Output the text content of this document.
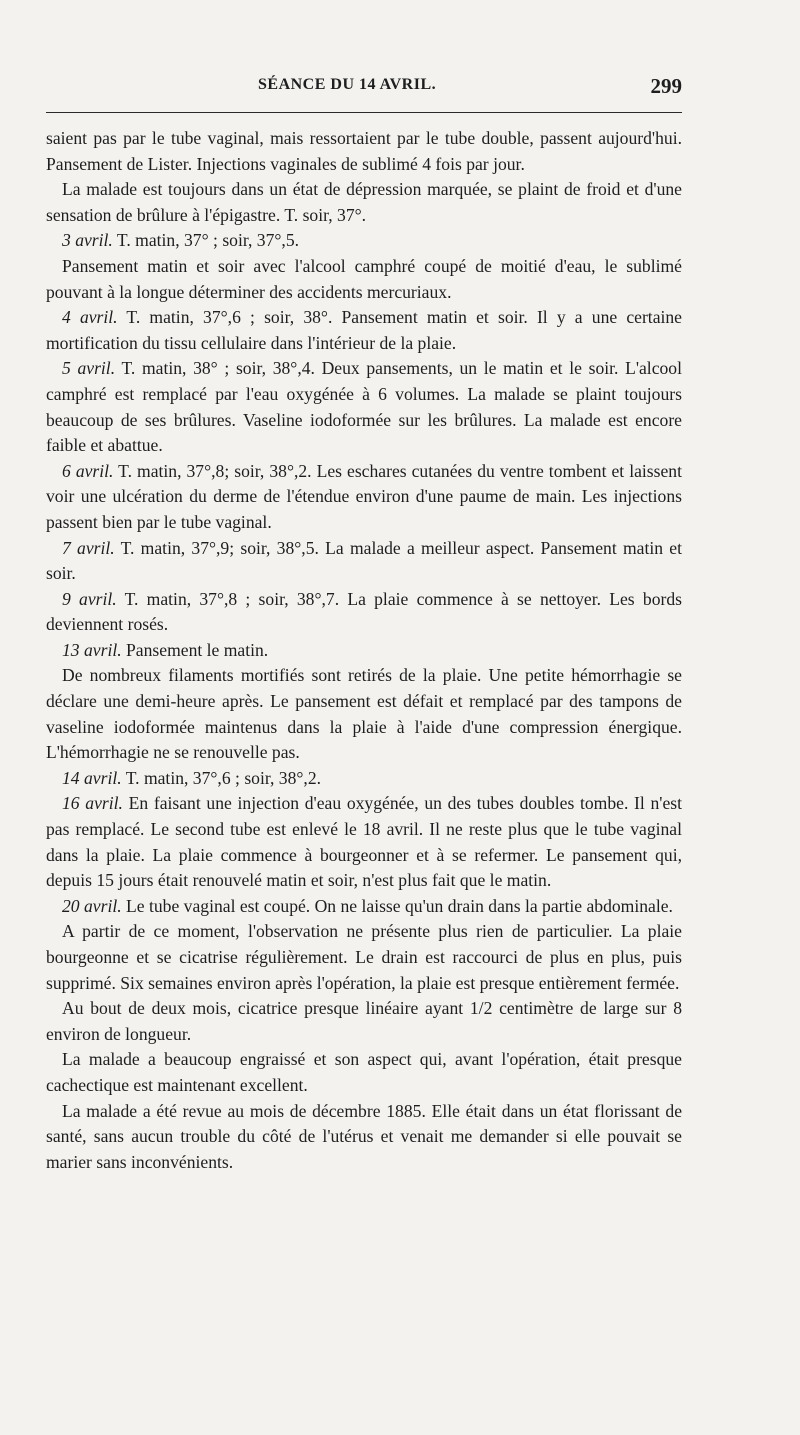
SÉANCE DU 14 AVRIL.	299

saient pas par le tube vaginal, mais ressortaient par le tube double, passent aujourd'hui. Pansement de Lister. Injections vaginales de sublimé 4 fois par jour.

La malade est toujours dans un état de dépression marquée, se plaint de froid et d'une sensation de brûlure à l'épigastre. T. soir, 37°.

3 avril. T. matin, 37° ; soir, 37°,5.

Pansement matin et soir avec l'alcool camphré coupé de moitié d'eau, le sublimé pouvant à la longue déterminer des accidents mercuriaux.

4 avril. T. matin, 37°,6 ; soir, 38°. Pansement matin et soir. Il y a une certaine mortification du tissu cellulaire dans l'intérieur de la plaie.

5 avril. T. matin, 38° ; soir, 38°,4. Deux pansements, un le matin et le soir. L'alcool camphré est remplacé par l'eau oxygénée à 6 volumes. La malade se plaint toujours beaucoup de ses brûlures. Vaseline iodoformée sur les brûlures. La malade est encore faible et abattue.

6 avril. T. matin, 37°,8; soir, 38°,2. Les eschares cutanées du ventre tombent et laissent voir une ulcération du derme de l'étendue environ d'une paume de main. Les injections passent bien par le tube vaginal.

7 avril. T. matin, 37°,9; soir, 38°,5. La malade a meilleur aspect. Pansement matin et soir.

9 avril. T. matin, 37°,8 ; soir, 38°,7. La plaie commence à se nettoyer. Les bords deviennent rosés.

13 avril. Pansement le matin.

De nombreux filaments mortifiés sont retirés de la plaie. Une petite hémorrhagie se déclare une demi-heure après. Le pansement est défait et remplacé par des tampons de vaseline iodoformée maintenus dans la plaie à l'aide d'une compression énergique. L'hémorrhagie ne se renouvelle pas.

14 avril. T. matin, 37°,6 ; soir, 38°,2.

16 avril. En faisant une injection d'eau oxygénée, un des tubes doubles tombe. Il n'est pas remplacé. Le second tube est enlevé le 18 avril. Il ne reste plus que le tube vaginal dans la plaie. La plaie commence à bourgeonner et à se refermer. Le pansement qui, depuis 15 jours était renouvelé matin et soir, n'est plus fait que le matin.

20 avril. Le tube vaginal est coupé. On ne laisse qu'un drain dans la partie abdominale.

A partir de ce moment, l'observation ne présente plus rien de particulier. La plaie bourgeonne et se cicatrise régulièrement. Le drain est raccourci de plus en plus, puis supprimé. Six semaines environ après l'opération, la plaie est presque entièrement fermée.

Au bout de deux mois, cicatrice presque linéaire ayant 1/2 centimètre de large sur 8 environ de longueur.

La malade a beaucoup engraissé et son aspect qui, avant l'opération, était presque cachectique est maintenant excellent.

La malade a été revue au mois de décembre 1885. Elle était dans un état florissant de santé, sans aucun trouble du côté de l'utérus et venait me demander si elle pouvait se marier sans inconvénients.
